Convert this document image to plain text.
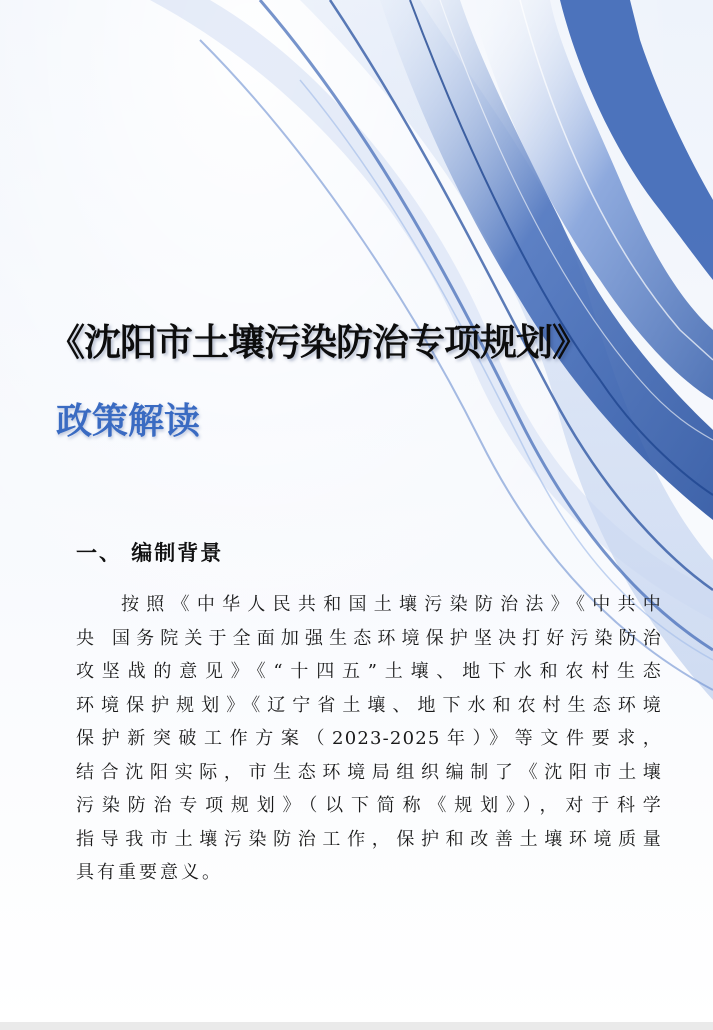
《沈阳市土壤污染防治专项规划》
政策解读
一、 编制背景
按照《中华人民共和国土壤污染防治法》《中共中
央 国务院关于全面加强生态环境保护坚决打好污染防治
攻坚战的意见》《“十四五”土壤、地下水和农村生态
环境保护规划》《辽宁省土壤、地下水和农村生态环境
保护新突破工作方案（2023-2025年）》等文件要求，
结合沈阳实际，市生态环境局组织编制了《沈阳市土壤
污染防治专项规划》（以下简称《规划》），对于科学
指导我市土壤污染防治工作，保护和改善土壤环境质量
具有重要意义。
